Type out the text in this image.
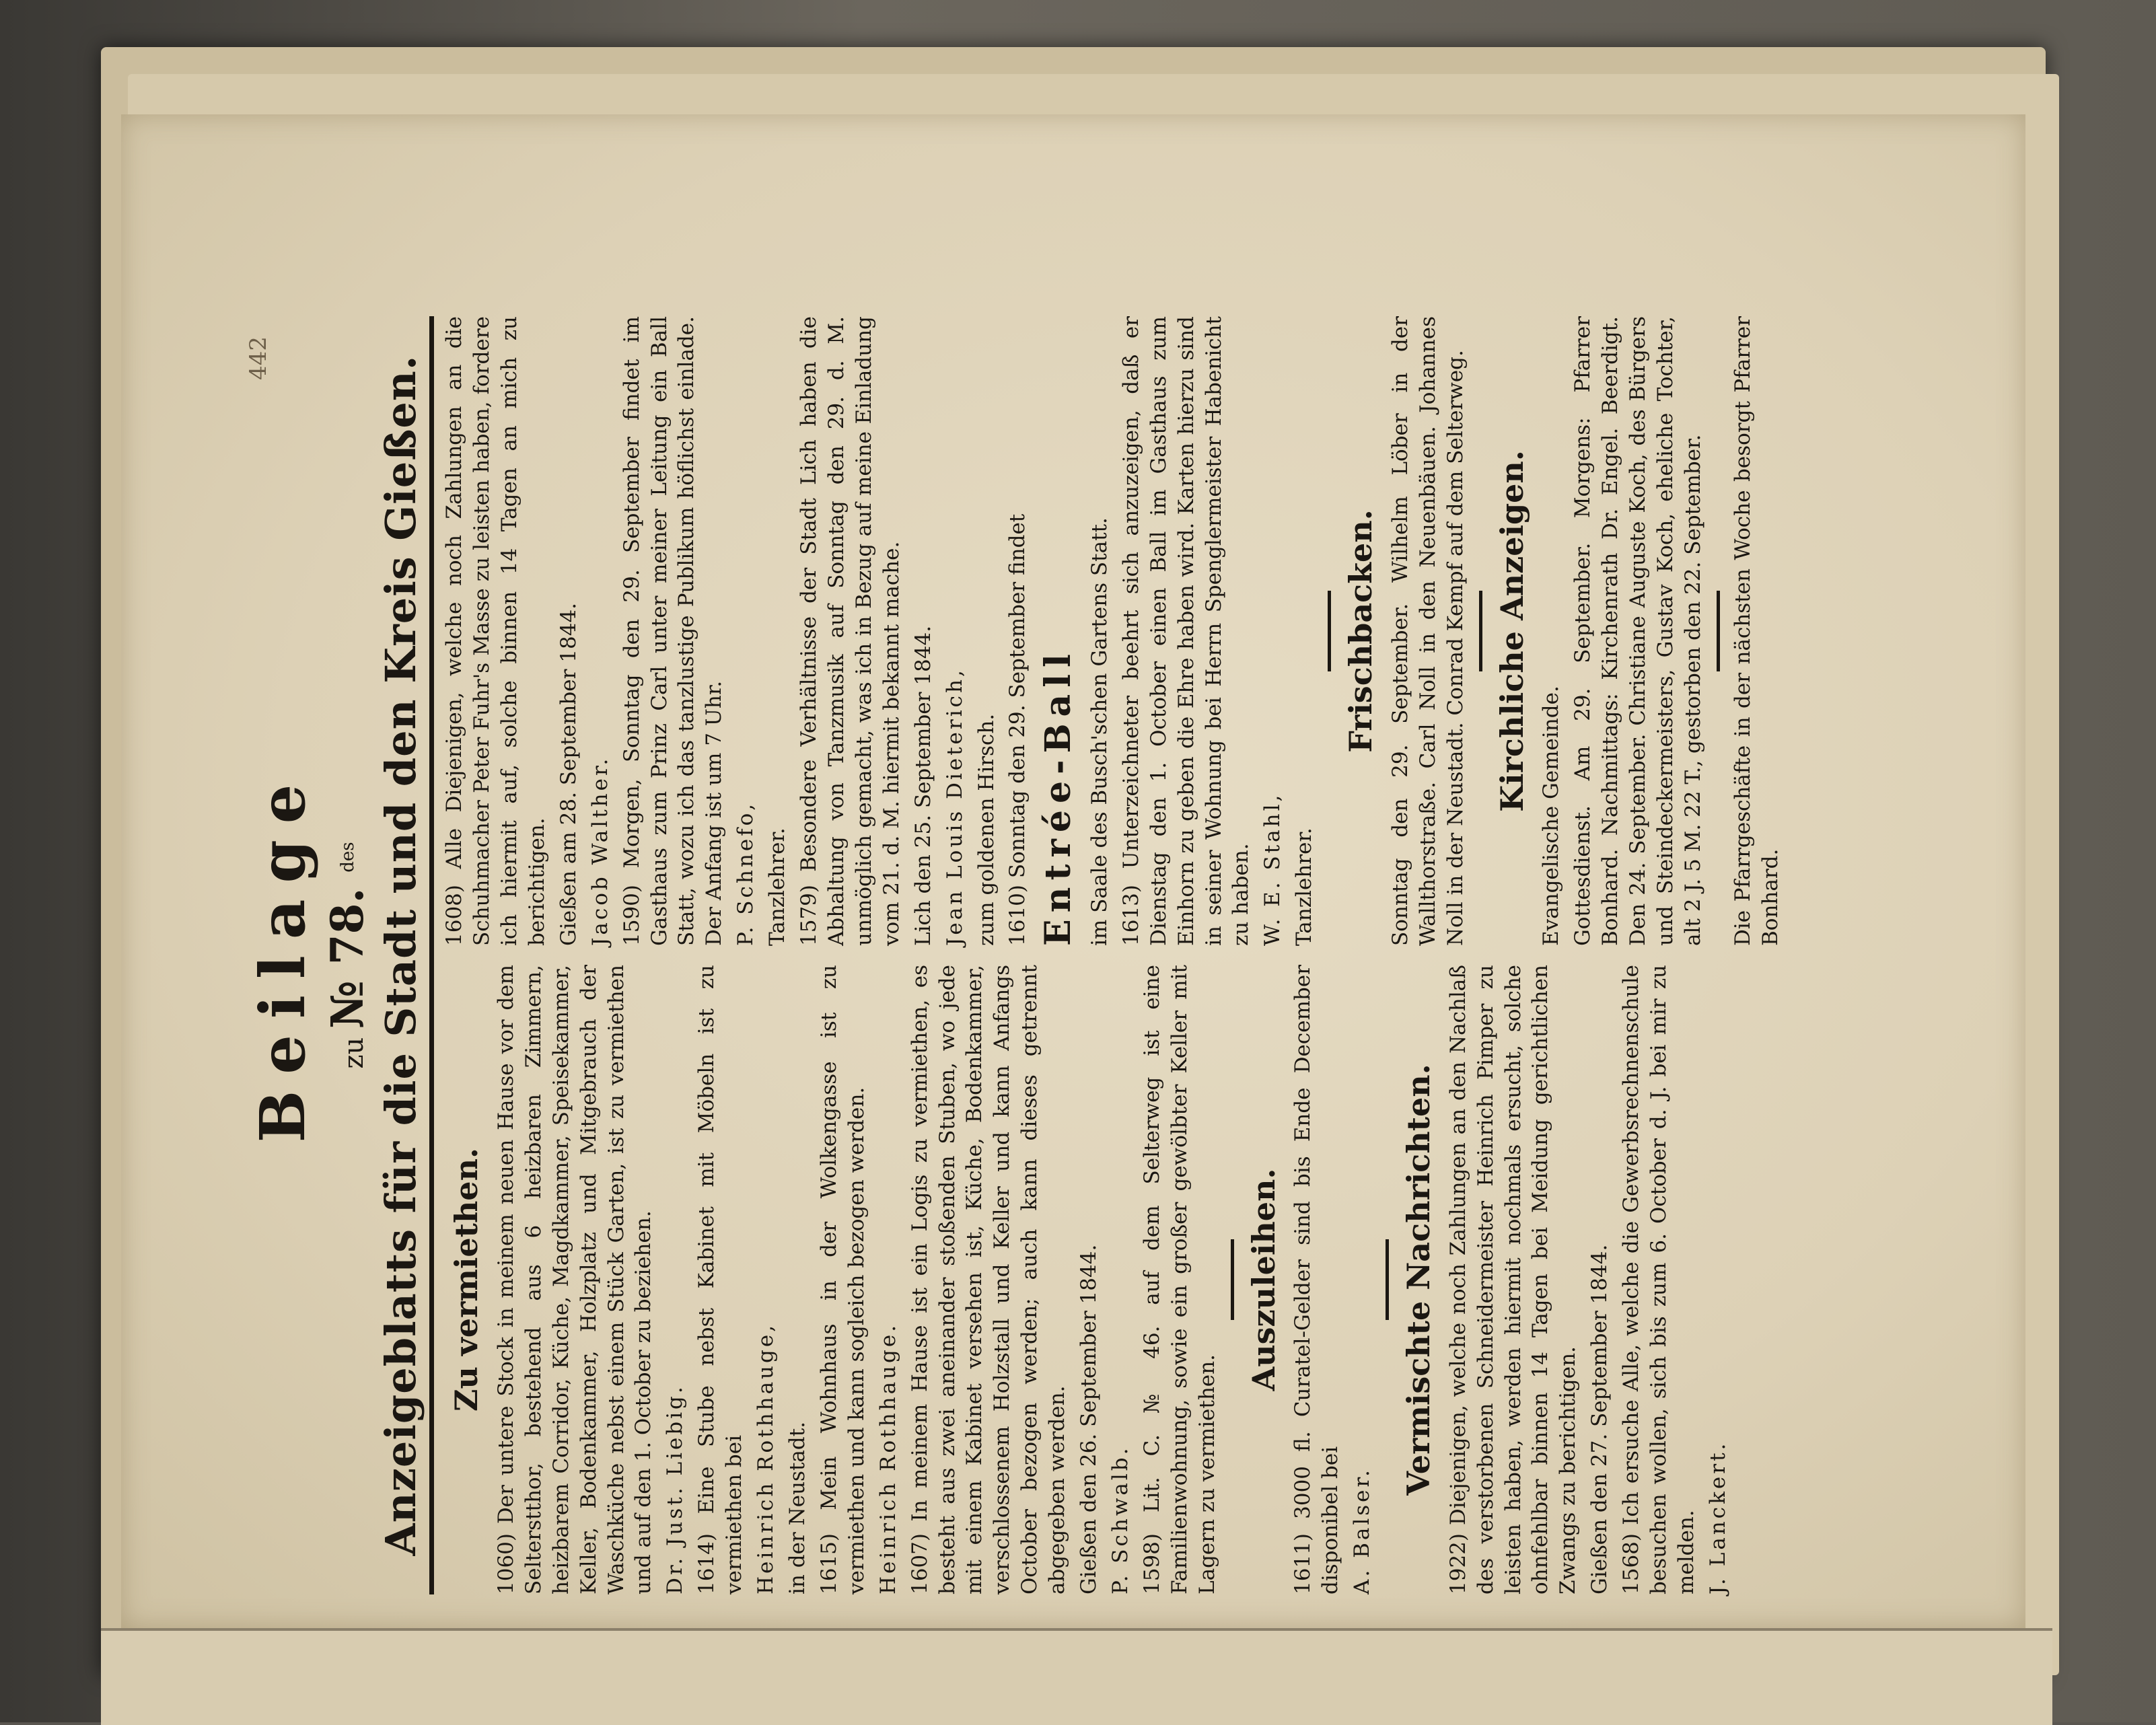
442

Beilage zu № 78. $^{des}$ Anzeigeblatts für die Stadt und den Kreis Gießen. Zu vermiethen. 1060) Der untere Stock in meinem neuen Hause vor dem Selterstthor, bestehend aus 6 heizbaren Zimmern, heizbarem Corridor, Küche, Magdkammer, Speisekammer, Keller, Bodenkammer, Holzplatz und Mitgebrauch der Waschküche nebst einem Stück Garten, ist zu vermiethen und auf den 1. October zu beziehen. Dr. Just. Liebig. 1614) Eine Stube nebst Kabinet mit Möbeln ist zu vermiethen bei Heinrich Rothhauge, in der Neustadt. 1615) Mein Wohnhaus in der Wolkengasse ist zu vermiethen und kann sogleich bezogen werden. Heinrich Rothhauge. 1607) In meinem Hause ist ein Logis zu vermiethen, es besteht aus zwei aneinander stoßenden Stuben, wo jede mit einem Kabinet versehen ist, Küche, Bodenkammer, verschlossenem Holzstall und Keller und kann Anfangs October bezogen werden; auch kann dieses getrennt abgegeben werden. Gießen den 26. September 1844. P. Schwalb. 1598) Lit. C. № 46. auf dem Selterweg ist eine Familienwohnung, sowie ein großer gewölbter Keller mit Lagern zu vermiethen.

Auszuleihen. 1611) 3000 fl. Curatel-Gelder sind bis Ende December disponibel bei A. Balser.

Vermischte Nachrichten. 1922) Diejenigen, welche noch Zahlungen an den Nachlaß des verstorbenen Schneidermeister Heinrich Pimper zu leisten haben, werden hiermit nochmals ersucht, solche ohnfehlbar binnen 14 Tagen bei Meidung gerichtlichen Zwangs zu berichtigen. Gießen den 27. September 1844. 1568) Ich ersuche Alle, welche die Gewerbsrechnenschule besuchen wollen, sich bis zum 6. October d. J. bei mir zu melden. J. Lanckert.

1608) Alle Diejenigen, welche noch Zahlungen an die Schuhmacher Peter Fuhr's Masse zu leisten haben, fordere ich hiermit auf, solche binnen 14 Tagen an mich zu berichtigen. Gießen am 28. September 1844. Jacob Walther. 1590) Morgen, Sonntag den 29. September findet im Gasthaus zum Prinz Carl unter meiner Leitung ein Ball Statt, wozu ich das tanzlustige Publikum höflichst einlade. Der Anfang ist um 7 Uhr. P. Schnefo, Tanzlehrer. 1579) Besondere Verhältnisse der Stadt Lich haben die Abhaltung von Tanzmusik auf Sonntag den 29. d. M. unmöglich gemacht, was ich in Bezug auf meine Einladung vom 21. d. M. hiermit bekannt mache. Lich den 25. September 1844. Jean Louis Dieterich, zum goldenen Hirsch. 1610) Sonntag den 29. September findet Entrée-Ball im Saale des Busch'schen Gartens Statt. 1613) Unterzeichneter beehrt sich anzuzeigen, daß er Dienstag den 1. October einen Ball im Gasthaus zum Einhorn zu geben die Ehre haben wird. Karten hierzu sind in seiner Wohnung bei Herrn Spenglermeister Habenicht zu haben. W. E. Stahl, Tanzlehrer.

Frischbacken. Sonntag den 29. September. Wilhelm Löber in der Wallthorstraße. Carl Noll in den Neuenbäuen. Johannes Noll in der Neustadt. Conrad Kempf auf dem Selterweg. Kirchliche Anzeigen.

Evangelische Gemeinde. Gottesdienst. Am 29. September. Morgens: Pfarrer Bonhard. Nachmittags: Kirchenrath Dr. Engel. Beerdigt. Den 24. September. Christiane Auguste Koch, des Bürgers und Steindeckermeisters, Gustav Koch, eheliche Tochter, alt 2 J. 5 M. 22 T., gestorben den 22. September. Die Pfarrgeschäfte in der nächsten Woche besorgt Pfarrer Bonhard.
